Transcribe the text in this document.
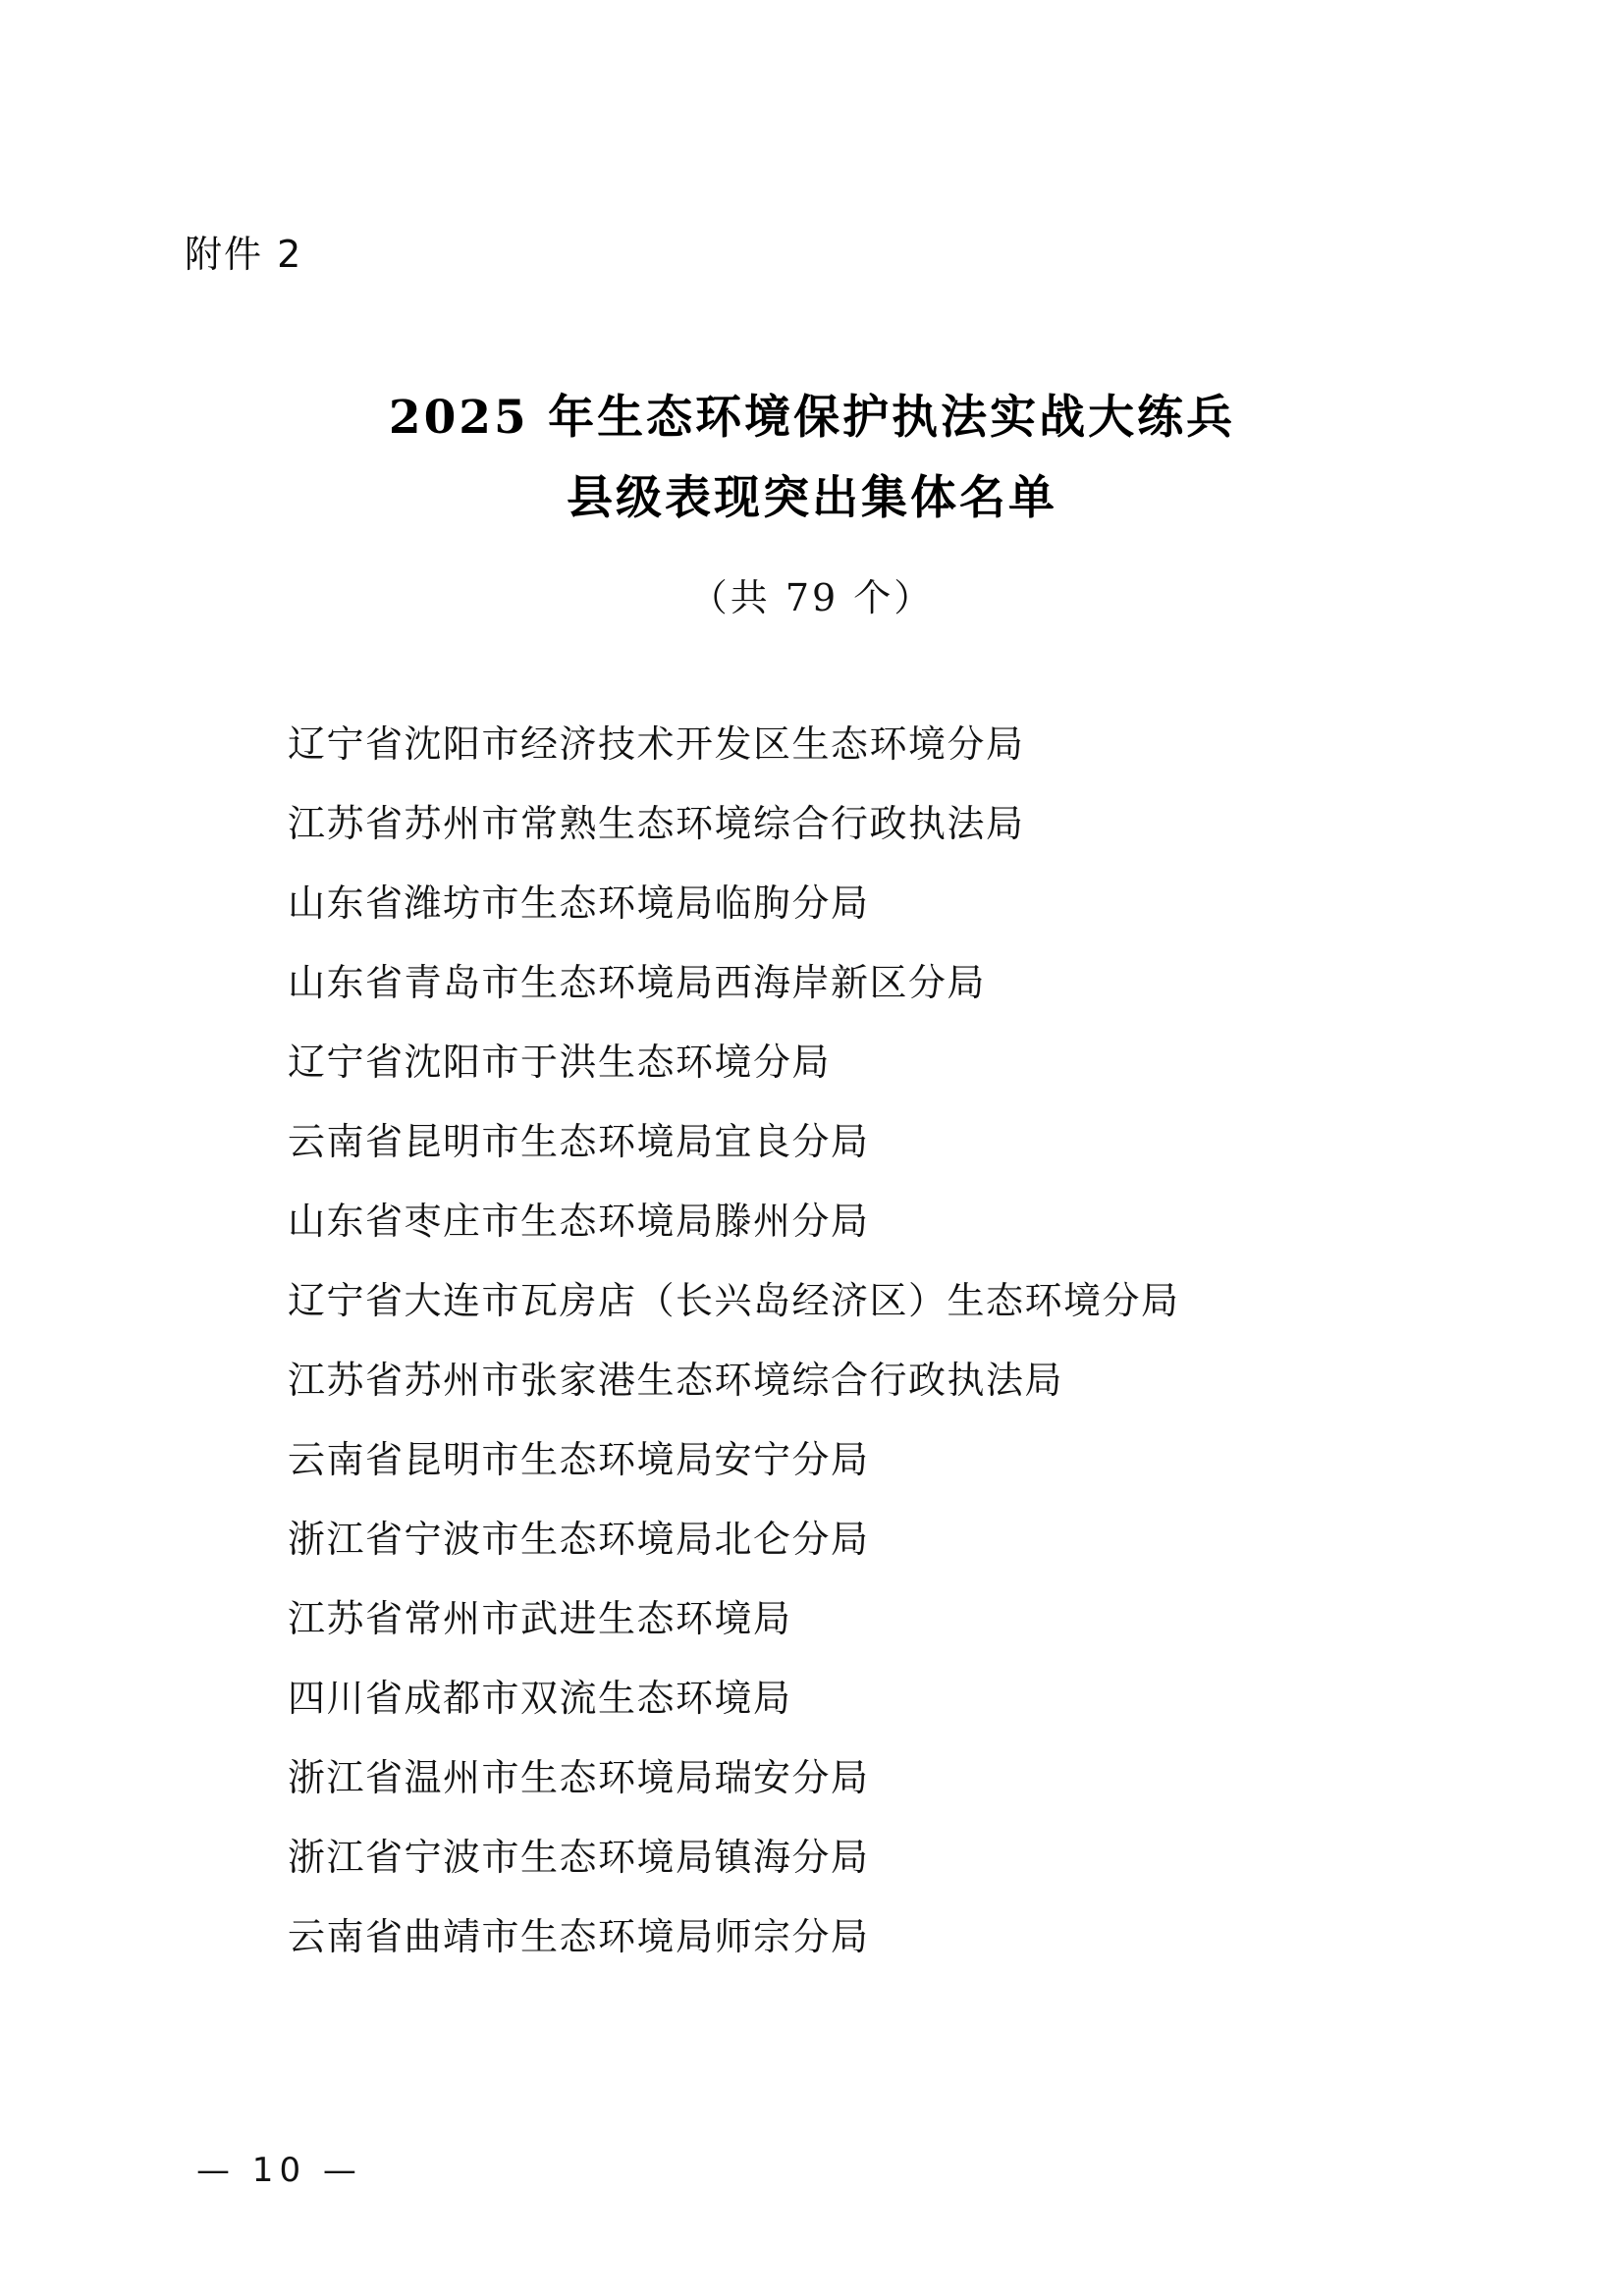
附件 2
2025 年生态环境保护执法实战大练兵
县级表现突出集体名单
（共 79 个）
辽宁省沈阳市经济技术开发区生态环境分局
江苏省苏州市常熟生态环境综合行政执法局
山东省潍坊市生态环境局临朐分局
山东省青岛市生态环境局西海岸新区分局
辽宁省沈阳市于洪生态环境分局
云南省昆明市生态环境局宜良分局
山东省枣庄市生态环境局滕州分局
辽宁省大连市瓦房店（长兴岛经济区）生态环境分局
江苏省苏州市张家港生态环境综合行政执法局
云南省昆明市生态环境局安宁分局
浙江省宁波市生态环境局北仑分局
江苏省常州市武进生态环境局
四川省成都市双流生态环境局
浙江省温州市生态环境局瑞安分局
浙江省宁波市生态环境局镇海分局
云南省曲靖市生态环境局师宗分局
— 10 —
